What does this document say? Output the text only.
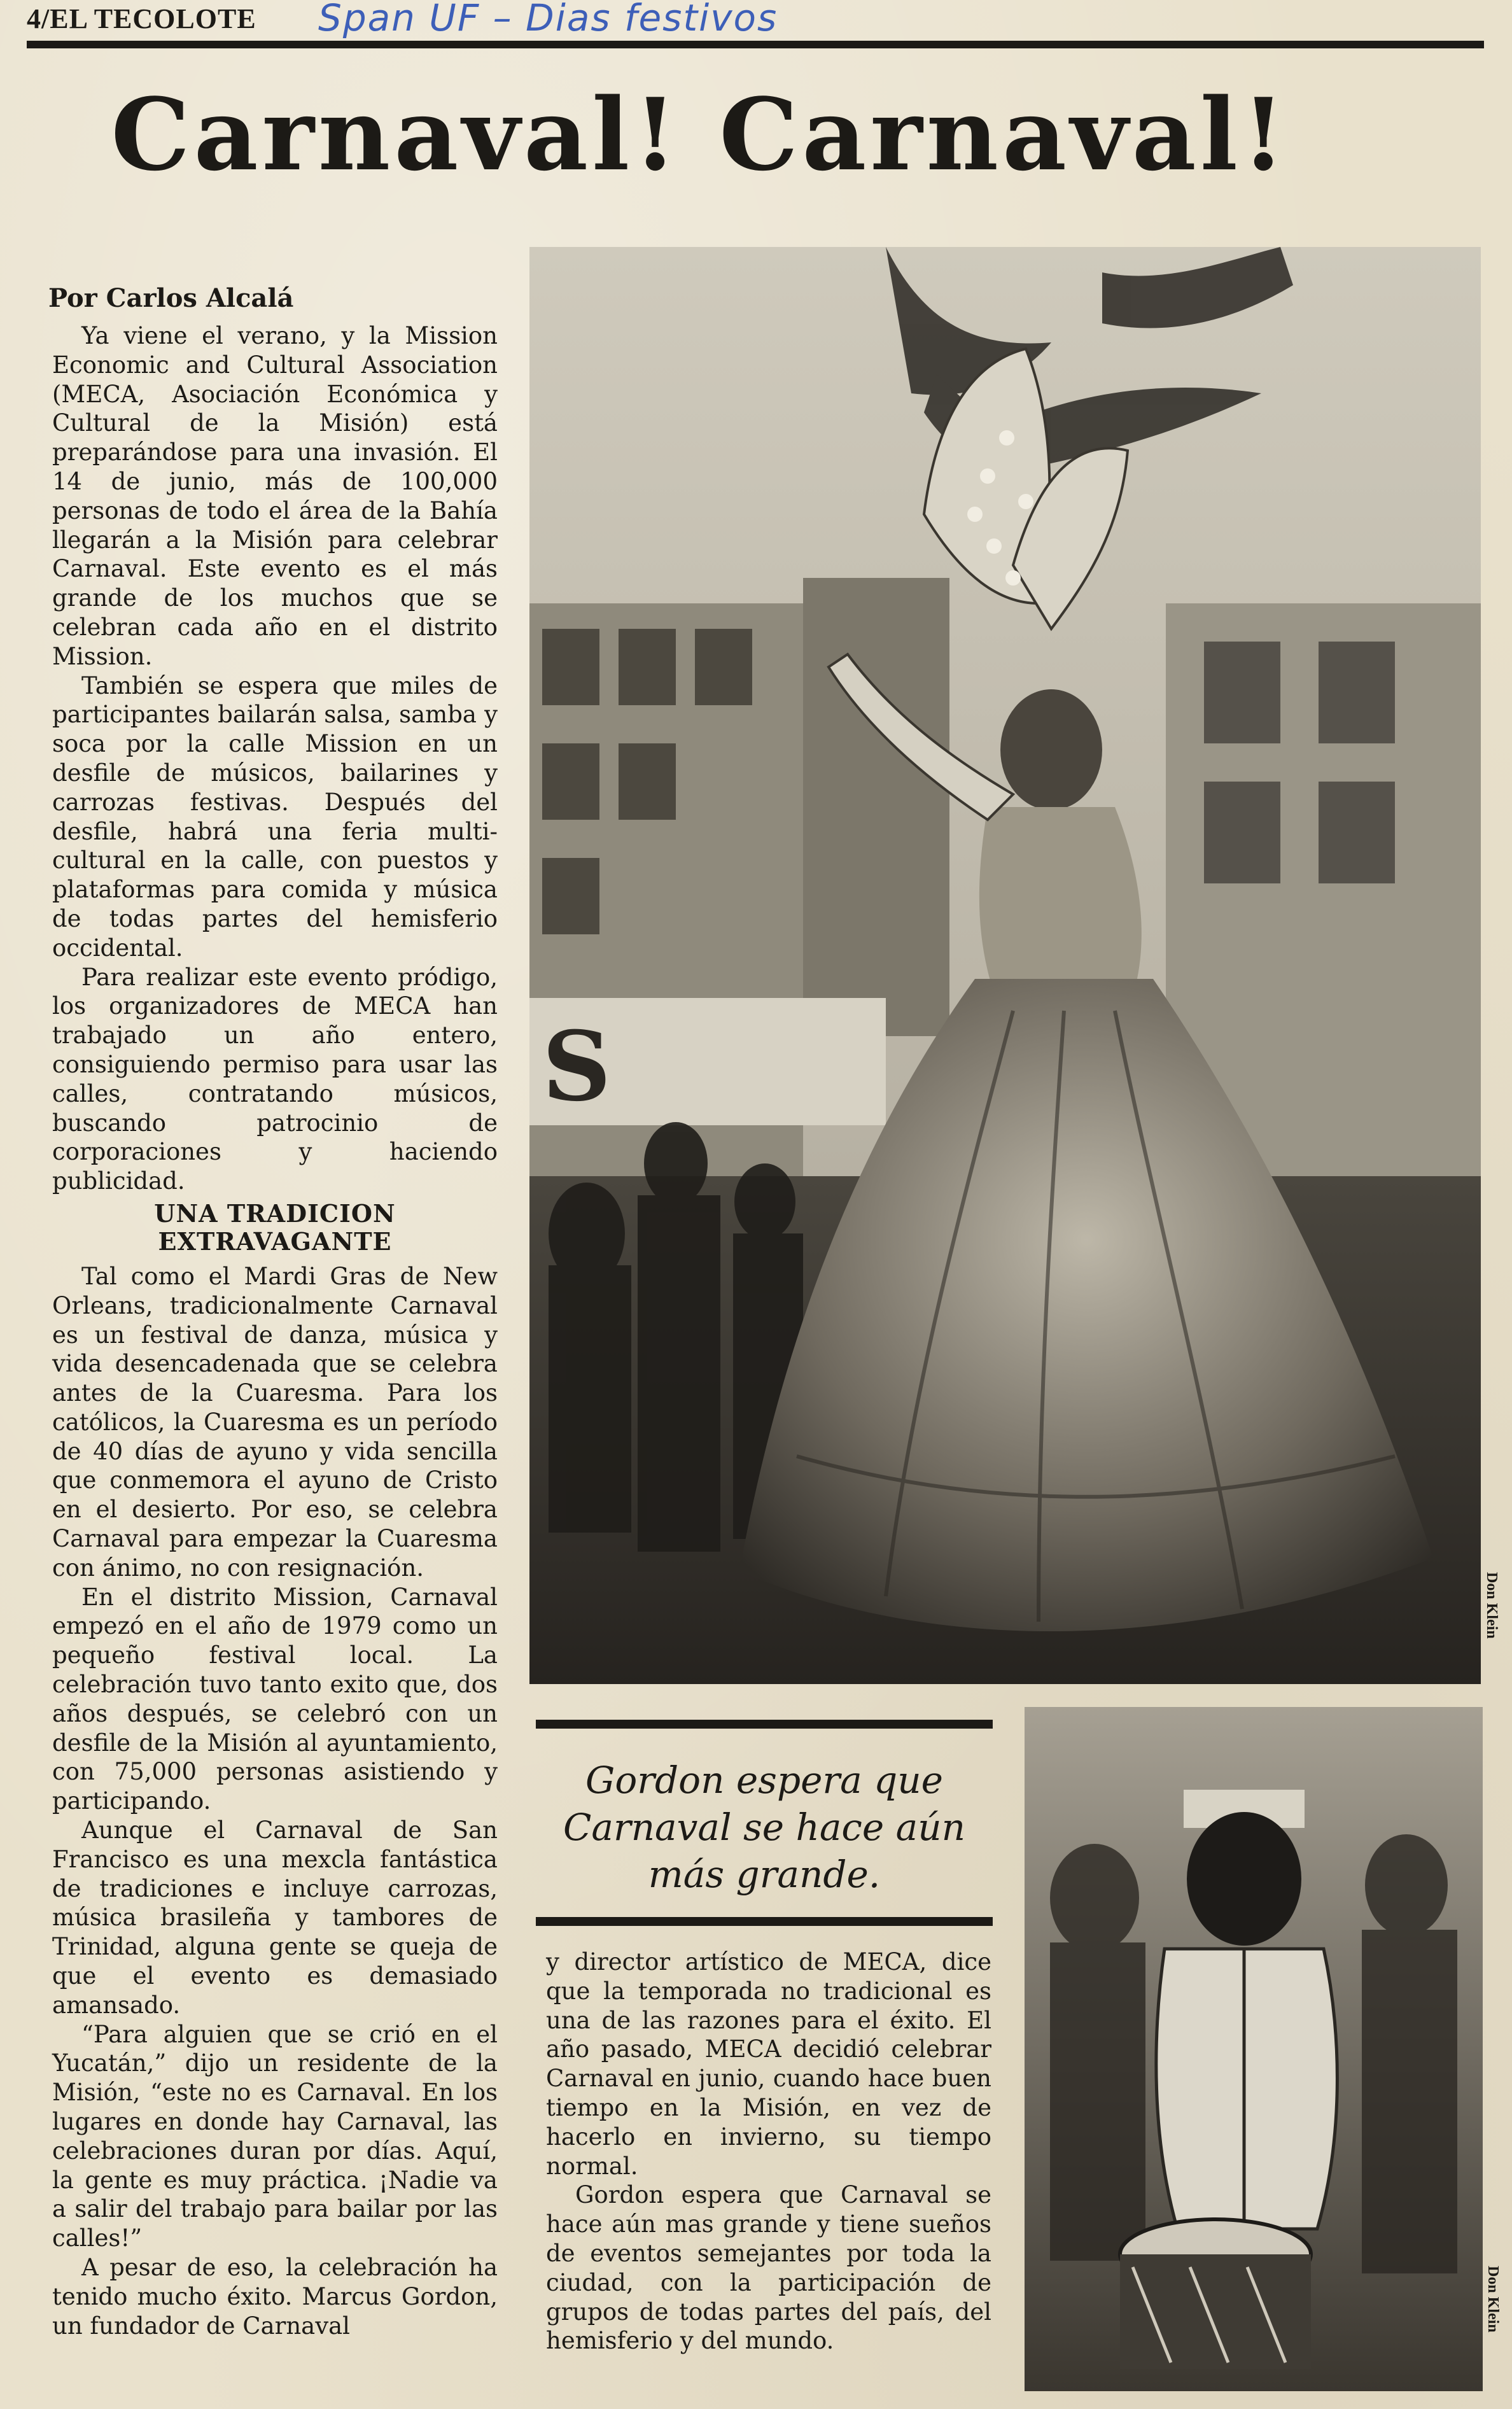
4/EL TECOLOTE Span UF – Dias festivos
Carnaval! Carnaval!
Por Carlos Alcalá

Ya viene el verano, y la Mission Economic and Cultural Association (MECA, Asociación Económica y Cultural de la Misión) está preparándose para una invasión. El 14 de junio, más de 100,000 personas de todo el área de la Bahía llegarán a la Misión para celebrar Carnaval. Este evento es el más grande de los muchos que se celebran cada año en el distrito Mission.

También se espera que miles de participantes bailarán salsa, samba y soca por la calle Mission en un desfile de músicos, bailarines y carrozas festivas. Después del desfile, habrá una feria multi-cultural en la calle, con puestos y plataformas para comida y música de todas partes del hemisferio occidental.

Para realizar este evento pródigo, los organizadores de MECA han trabajado un año entero, consiguiendo permiso para usar las calles, contratando músicos, buscando patrocinio de corporaciones y haciendo publicidad.

UNA TRADICION EXTRAVAGANTE

Tal como el Mardi Gras de New Orleans, tradicionalmente Carnaval es un festival de danza, música y vida desencadenada que se celebra antes de la Cuaresma. Para los católicos, la Cuaresma es un período de 40 días de ayuno y vida sencilla que conmemora el ayuno de Cristo en el desierto. Por eso, se celebra Carnaval para empezar la Cuaresma con ánimo, no con resignación.

En el distrito Mission, Carnaval empezó en el año de 1979 como un pequeño festival local. La celebración tuvo tanto exito que, dos años después, se celebró con un desfile de la Misión al ayuntamiento, con 75,000 personas asistiendo y participando.

Aunque el Carnaval de San Francisco es una mexcla fantástica de tradiciones e incluye carrozas, música brasileña y tambores de Trinidad, alguna gente se queja de que el evento es demasiado amansado.

“Para alguien que se crió en el Yucatán,” dijo un residente de la Misión, “este no es Carnaval. En los lugares en donde hay Carnaval, las celebraciones duran por días. Aquí, la gente es muy práctica. ¡Nadie va a salir del trabajo para bailar por las calles!”

A pesar de eso, la celebración ha tenido mucho éxito. Marcus Gordon, un fundador de Carnaval

S
Don Klein
Gordon espera que Carnaval se hace aún más grande.

y director artístico de MECA, dice que la temporada no tradicional es una de las razones para el éxito. El año pasado, MECA decidió celebrar Carnaval en junio, cuando hace buen tiempo en la Misión, en vez de hacerlo en invierno, su tiempo normal.

Gordon espera que Carnaval se hace aún mas grande y tiene sueños de eventos semejantes por toda la ciudad, con la participación de grupos de todas partes del país, del hemisferio y del mundo.

Don Klein
